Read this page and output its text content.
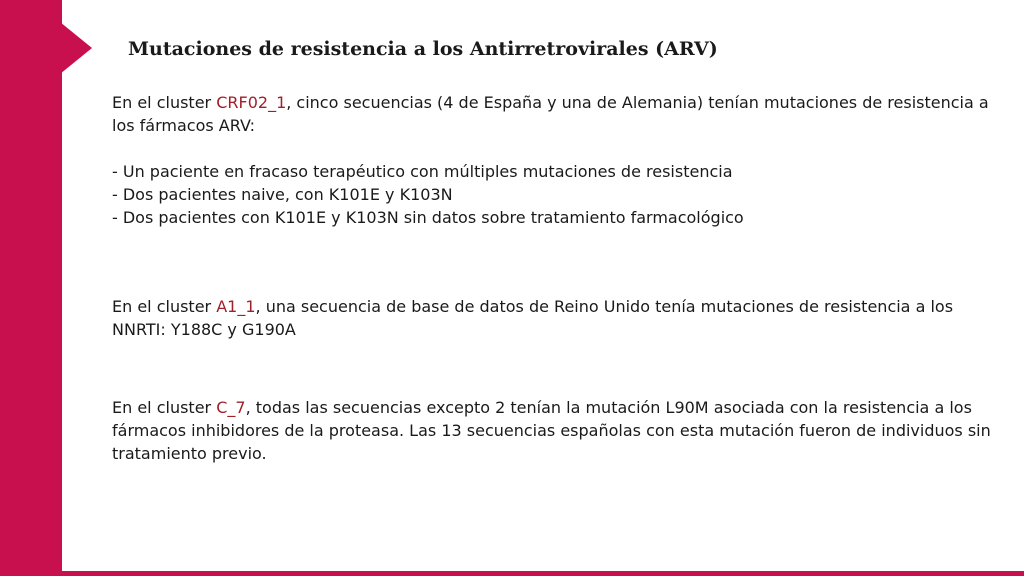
Mutaciones de resistencia a los Antirretrovirales (ARV)

En el cluster CRF02_1, cinco secuencias (4 de España y una de Alemania) tenían mutaciones de resistencia a los fármacos ARV:

- Un paciente en fracaso terapéutico con múltiples mutaciones de resistencia
- Dos pacientes naive, con K101E y K103N
- Dos pacientes con K101E y K103N sin datos sobre tratamiento farmacológico

En el cluster A1_1, una secuencia de base de datos de Reino Unido tenía mutaciones de resistencia a los NNRTI: Y188C y G190A

En el cluster C_7, todas las secuencias excepto 2 tenían la mutación L90M asociada con la resistencia a los fármacos inhibidores de la proteasa. Las 13 secuencias españolas con esta mutación fueron de individuos sin tratamiento previo.
